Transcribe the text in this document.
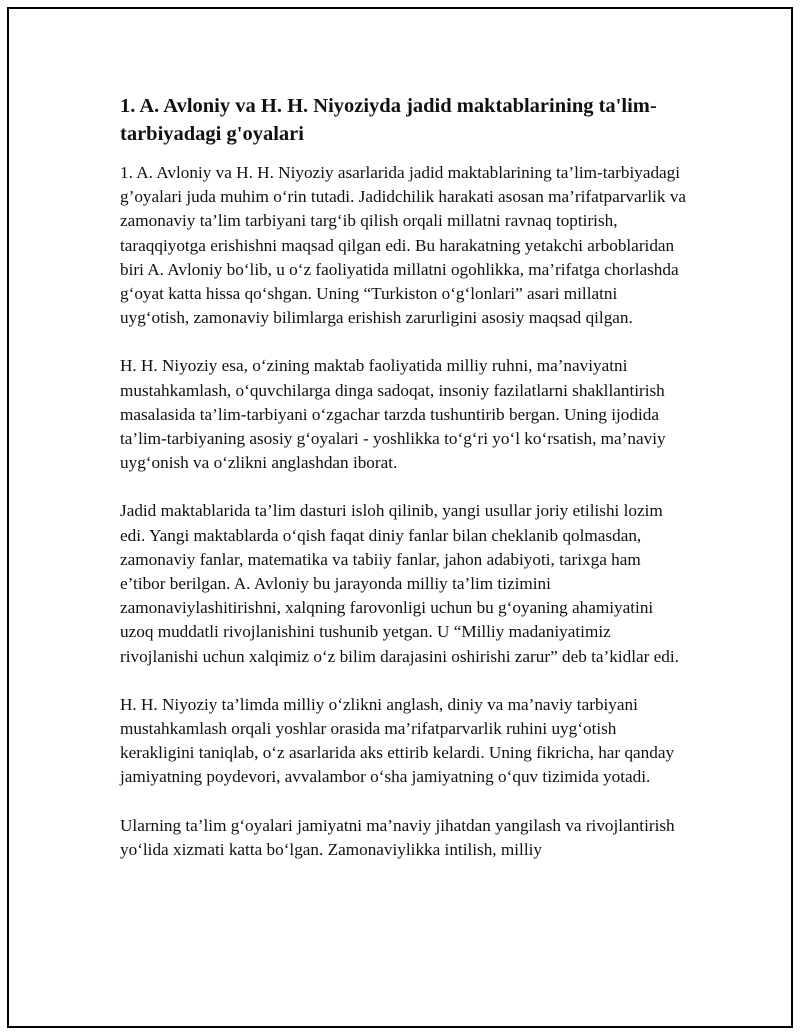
1. A. Avloniy va H. H. Niyoziyda jadid maktablarining ta'lim-tarbiyadagi g'oyalari

1. A. Avloniy va H. H. Niyoziy asarlarida jadid maktablarining ta’lim-tarbiyadagi g’oyalari juda muhim o‘rin tutadi. Jadidchilik harakati asosan ma’rifatparvarlik va zamonaviy ta’lim tarbiyani targ‘ib qilish orqali millatni ravnaq toptirish, taraqqiyotga erishishni maqsad qilgan edi. Bu harakatning yetakchi arboblaridan biri A. Avloniy bo‘lib, u o‘z faoliyatida millatni ogohlikka, ma’rifatga chorlashda g‘oyat katta hissa qo‘shgan. Uning “Turkiston o‘g‘lonlari” asari millatni uyg‘otish, zamonaviy bilimlarga erishish zarurligini asosiy maqsad qilgan.

H. H. Niyoziy esa, o‘zining maktab faoliyatida milliy ruhni, ma’naviyatni mustahkamlash, o‘quvchilarga dinga sadoqat, insoniy fazilatlarni shakllantirish masalasida ta’lim-tarbiyani o‘zgachar tarzda tushuntirib bergan. Uning ijodida ta’lim-tarbiyaning asosiy g‘oyalari - yoshlikka to‘g‘ri yo‘l ko‘rsatish, ma’naviy uyg‘onish va o‘zlikni anglashdan iborat.

Jadid maktablarida ta’lim dasturi isloh qilinib, yangi usullar joriy etilishi lozim edi. Yangi maktablarda o‘qish faqat diniy fanlar bilan cheklanib qolmasdan, zamonaviy fanlar, matematika va tabiiy fanlar, jahon adabiyoti, tarixga ham e’tibor berilgan. A. Avloniy bu jarayonda milliy ta’lim tizimini zamonaviylashitirishni, xalqning farovonligi uchun bu g‘oyaning ahamiyatini uzoq muddatli rivojlanishini tushunib yetgan. U “Milliy madaniyatimiz rivojlanishi uchun xalqimiz o‘z bilim darajasini oshirishi zarur” deb ta’kidlar edi.

H. H. Niyoziy ta’limda milliy o‘zlikni anglash, diniy va ma’naviy tarbiyani mustahkamlash orqali yoshlar orasida ma’rifatparvarlik ruhini uyg‘otish kerakligini taniqlab, o‘z asarlarida aks ettirib kelardi. Uning fikricha, har qanday jamiyatning poydevori, avvalambor o‘sha jamiyatning o‘quv tizimida yotadi.

Ularning ta’lim g‘oyalari jamiyatni ma’naviy jihatdan yangilash va rivojlantirish yo‘lida xizmati katta bo‘lgan. Zamonaviylikka intilish, milliy
